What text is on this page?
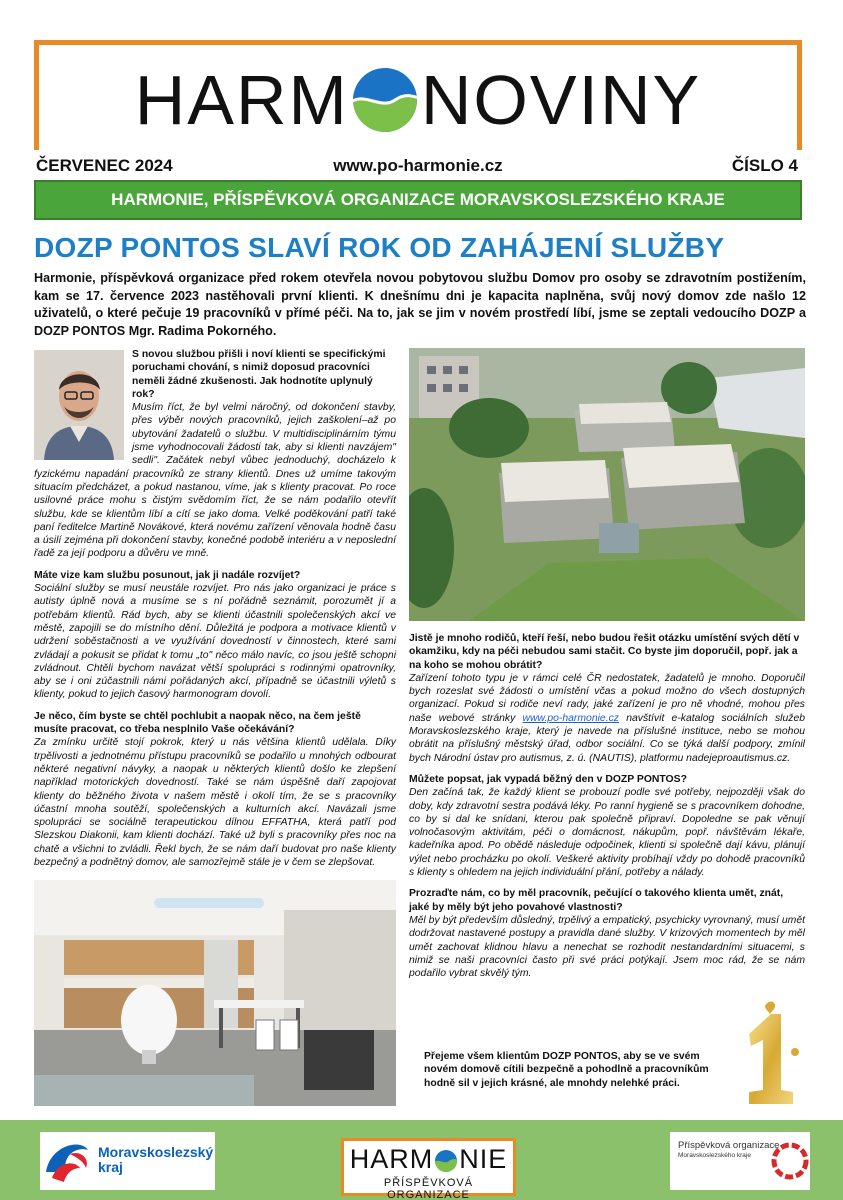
HARM NOVINY
ČERVENEC 2024	www.po-harmonie.cz	ČÍSLO 4
HARMONIE, PŘÍSPĚVKOVÁ ORGANIZACE MORAVSKOSLEZSKÉHO KRAJE
DOZP PONTOS SLAVÍ ROK OD ZAHÁJENÍ SLUŽBY

Harmonie, příspěvková organizace před rokem otevřela novou pobytovou službu Domov pro osoby se zdravotním postižením, kam se 17. července 2023 nastěhovali první klienti. K dnešnímu dni je kapacita naplněna, svůj nový domov zde našlo 12 uživatelů, o které pečuje 19 pracovníků v přímé péči. Na to, jak se jim v novém prostředí líbí, jsme se zeptali vedoucího DOZP a DOZP PONTOS Mgr. Radima Pokorného.

S novou službou přišli i noví klienti se specifickými poruchami chování, s nimiž doposud pracovníci neměli žádné zkušenosti. Jak hodnotíte uplynulý rok?

Musím říct, že byl velmi náročný, od dokončení stavby, přes výběr nových pracovníků, jejich zaškolení–až po ubytování žadatelů o službu. V multidisciplinárním týmu jsme vyhodnocovali žádosti tak, aby si klienti navzájem" sedli". Začátek nebyl vůbec jednoduchý, docházelo k fyzickému napadání pracovníků ze strany klientů. Dnes už umíme takovým situacím předcházet, a pokud nastanou, víme, jak s klienty pracovat. Po roce usilovné práce mohu s čistým svědomím říct, že se nám podařilo otevřít službu, kde se klientům líbí a cítí se jako doma. Velké poděkování patří také paní ředitelce Martině Novákové, která novému zařízení věnovala hodně času a úsilí zejména při dokončení stavby, konečné podobě interiéru a v neposlední řadě za její podporu a důvěru ve mně.

Máte vize kam službu posunout, jak ji nadále rozvíjet?

Sociální služby se musí neustále rozvíjet. Pro nás jako organizaci je práce s autisty úplně nová a musíme se s ní pořádně seznámit, porozumět jí a potřebám klientů. Rád bych, aby se klienti účastnili společenských akcí ve městě, zapojili se do místního dění. Důležitá je podpora a motivace klientů v udržení soběstačnosti a ve využívání dovedností v činnostech, které sami zvládají a pokusit se přidat k tomu „to" něco málo navíc, co jsou ještě schopni zvládnout. Chtěli bychom navázat větší spolupráci s rodinnými opatrovníky, aby se i oni zúčastnili námi pořádaných akcí, případně se účastnili výletů s klienty, pokud to jejich časový harmonogram dovolí.

Je něco, čím byste se chtěl pochlubit a naopak něco, na čem ještě musíte pracovat, co třeba nesplnilo Vaše očekávání?

Za zmínku určitě stojí pokrok, který u nás většina klientů udělala. Díky trpělivosti a jednotnému přístupu pracovníků se podařilo u mnohých odbourat některé negativní návyky, a naopak u některých klientů došlo ke zlepšení například motorických dovedností. Také se nám úspěšně daří zapojovat klienty do běžného života v našem městě i okolí tím, že se s pracovníky účastní mnoha soutěží, společenských a kulturních akcí. Navázali jsme spolupráci se sociálně terapeutickou dílnou EFFATHA, která patří pod Slezskou Diakonii, kam klienti dochází. Také už byli s pracovníky přes noc na chatě a všichni to zvládli. Řekl bych, že se nám daří budovat pro naše klienty bezpečný a podnětný domov, ale samozřejmě stále je v čem se zlepšovat.

Jistě je mnoho rodičů, kteří řeší, nebo budou řešit otázku umístění svých dětí v okamžiku, kdy na péči nebudou sami stačit. Co byste jim doporučil, popř. jak a na koho se mohou obrátit?

Zařízení tohoto typu je v rámci celé ČR nedostatek, žadatelů je mnoho. Doporučil bych rozeslat své žádosti o umístění včas a pokud možno do všech dostupných organizací. Pokud si rodiče neví rady, jaké zařízení je pro ně vhodné, mohou přes naše webové stránky www.po-harmonie.cz navštívit e-katalog sociálních služeb Moravskoslezského kraje, který je navede na příslušné instituce, nebo se mohou obrátit na příslušný městský úřad, odbor sociální. Co se týká další podpory, zmínil bych Národní ústav pro autismus, z. ú. (NAUTIS), platformu nadejeproautismus.cz.

Můžete popsat, jak vypadá běžný den v DOZP PONTOS?

Den začíná tak, že každý klient se probouzí podle své potřeby, nejpozději však do doby, kdy zdravotní sestra podává léky. Po ranní hygieně se s pracovníkem dohodne, co by si dal ke snídani, kterou pak společně připraví. Dopoledne se pak věnují volnočasovým aktivitám, péči o domácnost, nákupům, popř. návštěvám lékaře, kadeřníka apod. Po obědě následuje odpočinek, klienti si společně dají kávu, plánují výlet nebo procházku po okolí. Veškeré aktivity probíhají vždy po dohodě pracovníků s klienty s ohledem na jejich individuální přání, potřeby a nálady.

Prozraďte nám, co by měl pracovník, pečující o takového klienta umět, znát, jaké by měly být jeho povahové vlastnosti?

Měl by být především důsledný, trpělivý a empatický, psychicky vyrovnaný, musí umět dodržovat nastavené postupy a pravidla dané služby. V krizových momentech by měl umět zachovat klidnou hlavu a nenechat se rozhodit nestandardními situacemi, s nimiž se naši pracovníci často při své práci potýkají. Jsem moc rád, že se nám podařilo vybrat skvělý tým.

Přejeme všem klientům DOZP PONTOS, aby se ve svém novém domově cítili bezpečně a pohodlně a pracovníkům hodně sil v jejich krásné, ale mnohdy nelehké práci.

Moravskoslezský
kraj	HARM NIE
PŘÍSPĚVKOVÁ ORGANIZACE
Příspěvková organizace
Moravskoslezského kraje
